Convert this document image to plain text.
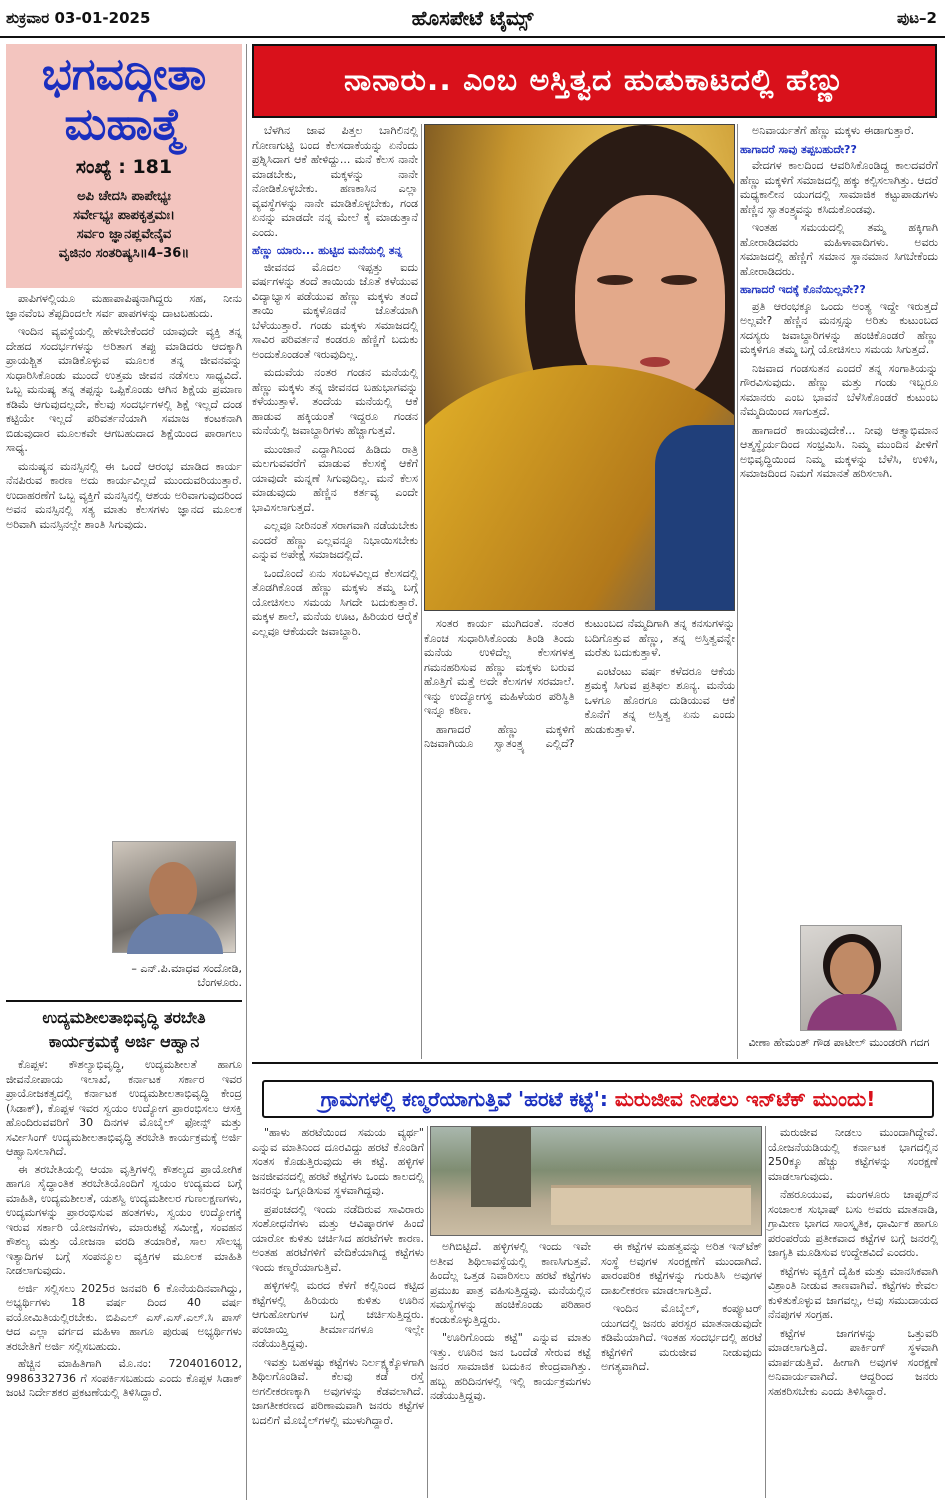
ಶುಕ್ರವಾರ 03-01-2025	ಹೊಸಪೇಟೆ ಟೈಮ್ಸ್	ಪುಟ–2
ಭಗವದ್ಗೀತಾ
ಮಹಾತ್ಮೆ
ಸಂಖ್ಯೆ : 181
ಅಪಿ ಚೇದಸಿ ಪಾಪೇಭ್ಯಃ
ಸರ್ವೇಭ್ಯಃ ಪಾಪಕೃತ್ತಮಃ।
ಸರ್ವಂ ಜ್ಞಾನಪ್ಲವೇನೈವ
ವೃಜಿನಂ ಸಂತರಿಷ್ಯಸಿ॥4–36॥

ಪಾಪಿಗಳಲ್ಲಿಯೂ ಮಹಾಪಾಪಿಷ್ಠನಾಗಿದ್ದರು ಸಹ, ನೀನು ಜ್ಞಾನವೆಂಬ ತೆಪ್ಪದಿಂದಲೇ ಸರ್ವ ಪಾಪಗಳನ್ನು ದಾಟಬಹುದು.

ಇಂದಿನ ವ್ಯವಸ್ಥೆಯಲ್ಲಿ ಹೇಳಬೇಕೆಂದರೆ ಯಾವುದೇ ವ್ಯಕ್ತಿ ತನ್ನ ದೇಹದ ಸಂದರ್ಭಗಳನ್ನು ಅರಿತಾಗ ತಪ್ಪು ಮಾಡಿದರು ಆದಕ್ಕಾಗಿ ಪ್ರಾಯಶ್ಚಿತ ಮಾಡಿಕೊಳ್ಳುವ ಮೂಲಕ ತನ್ನ ಜೀವನವನ್ನು ಸುಧಾರಿಸಿಕೊಂಡು ಮುಂದೆ ಉತ್ತಮ ಜೀವನ ನಡೆಸಲು ಸಾಧ್ಯವಿದೆ. ಒಬ್ಬ ಮನುಷ್ಯ ತನ್ನ ತಪ್ಪನ್ನು ಒಪ್ಪಿಕೊಂಡು ಆಗಿನ ಶಿಕ್ಷೆಯ ಪ್ರಮಾಣ ಕಡಿಮೆ ಆಗುವುದಲ್ಲದೇ, ಕೆಲವು ಸಂದರ್ಭಗಳಲ್ಲಿ ಶಿಕ್ಷೆ ಇಲ್ಲದೆ ದಂಡ ಕಟ್ಟಿಯೇ ಇಲ್ಲದೆ ಪರಿವರ್ತನೆಯಾಗಿ ಸಮಾಜ ಕಂಟಕನಾಗಿ ಬಿಡುವುದಾರ ಮೂಲಕವೇ ಆಗಬಹುದಾದ ಶಿಕ್ಷೆಯಿಂದ ಪಾರಾಗಲು ಸಾಧ್ಯ.

ಮನುಷ್ಯನ ಮನಸ್ಸಿನಲ್ಲಿ ಈ ಒಂದೆ ಆರಂಭ ಮಾಡಿದ ಕಾರ್ಯ ನೆನಪಿರುವ ಕಾರಣ ಅದು ಕಾರ್ಯವಿಲ್ಲದೆ ಮುಂದುವರಿಯುತ್ತಾರೆ. ಉದಾಹರಣೆಗೆ ಒಬ್ಬ ವ್ಯಕ್ತಿಗೆ ಮನಸ್ಸಿನಲ್ಲಿ ಆಶಯ ಅರಿವಾಗುವುದರಿಂದ ಅವನ ಮನಸ್ಸಿನಲ್ಲಿ ಸತ್ಯ ಮಾತು ಕೆಲಸಗಳು ಜ್ಞಾನದ ಮೂಲಕ ಅರಿವಾಗಿ ಮನಸ್ಸಿನಲ್ಲೇ ಶಾಂತಿ ಸಿಗುವುದು.

– ಎನ್.ಪಿ.ಮಾಧವ ಸಂದೋಡಿ,
ಬೆಂಗಳೂರು.
ಉದ್ಯಮಶೀಲತಾಭಿವೃದ್ಧಿ ತರಬೇತಿ
ಕಾರ್ಯಕ್ರಮಕ್ಕೆ ಅರ್ಜಿ ಆಹ್ವಾನ

ಕೊಪ್ಪಳ: ಕೌಶಲ್ಯಾಭಿವೃದ್ಧಿ, ಉದ್ಯಮಶೀಲತೆ ಹಾಗೂ ಜೀವನೋಪಾಯ ಇಲಾಖೆ, ಕರ್ನಾಟಕ ಸರ್ಕಾರ ಇವರ ಪ್ರಾಯೋಜಕತ್ವದಲ್ಲಿ ಕರ್ನಾಟಕ ಉದ್ಯಮಶೀಲತಾಭಿವೃದ್ಧಿ ಕೇಂದ್ರ (ಸಿಡಾಕ್), ಕೊಪ್ಪಳ ಇವರ ಸ್ವಯಂ ಉದ್ಯೋಗ ಪ್ರಾರಂಭಿಸಲು ಆಸಕ್ತಿ ಹೊಂದಿರುವವರಿಗೆ 30 ದಿನಗಳ ಮೊಬೈಲ್ ಫೋನ್ಸ್ ಮತ್ತು ಸರ್ವೀಸಿಂಗ್ ಉದ್ಯಮಶೀಲತಾಭಿವೃದ್ಧಿ ತರಬೇತಿ ಕಾರ್ಯಕ್ರಮಕ್ಕೆ ಅರ್ಜಿ ಆಹ್ವಾನಿಸಲಾಗಿದೆ.

ಈ ತರಬೇತಿಯಲ್ಲಿ ಆಯಾ ವೃತ್ತಿಗಳಲ್ಲಿ ಕೌಶಲ್ಯದ ಪ್ರಾಯೋಗಿಕ ಹಾಗೂ ಸೈದ್ಧಾಂತಿಕ ತರಬೇತಿಯೊಂದಿಗೆ ಸ್ವಯಂ ಉದ್ಯಮದ ಬಗ್ಗೆ ಮಾಹಿತಿ, ಉದ್ಯಮಶೀಲತೆ, ಯಶಸ್ವಿ ಉದ್ಯಮಶೀಲರ ಗುಣಲಕ್ಷಣಗಳು, ಉದ್ಯಮಗಳನ್ನು ಪ್ರಾರಂಭಿಸುವ ಹಂತಗಳು, ಸ್ವಯಂ ಉದ್ಯೋಗಕ್ಕೆ ಇರುವ ಸರ್ಕಾರಿ ಯೋಜನೆಗಳು, ಮಾರುಕಟ್ಟೆ ಸಮೀಕ್ಷೆ, ಸಂವಹನ ಕೌಶಲ್ಯ ಮತ್ತು ಯೋಜನಾ ವರದಿ ತಯಾರಿಕೆ, ಸಾಲ ಸೌಲಭ್ಯ ಇತ್ಯಾದಿಗಳ ಬಗ್ಗೆ ಸಂಪನ್ಮೂಲ ವ್ಯಕ್ತಿಗಳ ಮೂಲಕ ಮಾಹಿತಿ ನೀಡಲಾಗುವುದು.

ಅರ್ಜಿ ಸಲ್ಲಿಸಲು 2025ರ ಜನವರಿ 6 ಕೊನೆಯದಿನವಾಗಿದ್ದು, ಅಭ್ಯರ್ಥಿಗಳು 18 ವರ್ಷ ದಿಂದ 40 ವರ್ಷ ವಯೋಮಿತಿಯಲ್ಲಿರಬೇಕು. ಬಿಪಿಎಲ್ ಎಸ್.ಎಸ್.ಎಲ್.ಸಿ ಪಾಸ್ ಆದ ಎಲ್ಲಾ ವರ್ಗದ ಮಹಿಳಾ ಹಾಗೂ ಪುರುಷ ಅಭ್ಯರ್ಥಿಗಳು ತರಬೇತಿಗೆ ಅರ್ಜಿ ಸಲ್ಲಿಸಬಹುದು.

ಹೆಚ್ಚಿನ ಮಾಹಿತಿಗಾಗಿ ಮೊ.ನಂ: 7204016012, 9986332736 ಗೆ ಸಂಪರ್ಕಿಸಬಹುದು ಎಂದು ಕೊಪ್ಪಳ ಸಿಡಾಕ್ ಜಂಟಿ ನಿರ್ದೇಶಕರ ಪ್ರಕಟಣೆಯಲ್ಲಿ ತಿಳಿಸಿದ್ದಾರೆ.

ನಾನಾರು.. ಎಂಬ ಅಸ್ತಿತ್ವದ ಹುಡುಕಾಟದಲ್ಲಿ ಹೆಣ್ಣು

ಬೆಳಗಿನ ಜಾವ ಪಿತ್ತಲ ಬಾಗಿಲಿನಲ್ಲಿ ಗೋಣಗುಟ್ಟಿ ಬಂದ ಕೆಲಸದಾಕೆಯನ್ನು ಏನೆಂದು ಪ್ರಶ್ನಿಸಿದಾಗ ಆಕೆ ಹೇಳಿದ್ದು... ಮನೆ ಕೆಲಸ ನಾನೇ ಮಾಡಬೇಕು, ಮಕ್ಕಳನ್ನು ನಾನೇ ನೋಡಿಕೊಳ್ಳಬೇಕು. ಹಣಕಾಸಿನ ಎಲ್ಲಾ ವ್ಯವಸ್ಥೆಗಳನ್ನು ನಾನೇ ಮಾಡಿಕೊಳ್ಳಬೇಕು, ಗಂಡ ಏನನ್ನು ಮಾಡದೇ ನನ್ನ ಮೇಲೆ ಕೈ ಮಾಡುತ್ತಾನೆ ಎಂದು.

ಹೆಣ್ಣು ಯಾರು... ಹುಟ್ಟಿದ ಮನೆಯಲ್ಲಿ ತನ್ನ

ಜೀವನದ ಮೊದಲ ಇಪ್ಪತ್ತು ಐದು ವರ್ಷಗಳನ್ನು ತಂದೆ ತಾಯಿಯ ಜೊತೆ ಕಳೆಯುವ ವಿದ್ಯಾಭ್ಯಾಸ ಪಡೆಯುವ ಹೆಣ್ಣು ಮಕ್ಕಳು ತಂದೆ ತಾಯಿ ಮಕ್ಕಳೊಡನೆ ಜೊತೆಯಾಗಿ ಬೆಳೆಯುತ್ತಾರೆ. ಗಂಡು ಮಕ್ಕಳು ಸಮಾಜದಲ್ಲಿ ಸಾವಿರ ಪರಿವರ್ತನೆ ಕಂಡರೂ ಹೆಣ್ಣಿಗೆ ಬದುಕು ಅಂದುಕೊಂಡಂತೆ ಇರುವುದಿಲ್ಲ.

ಮದುವೆಯ ನಂತರ ಗಂಡನ ಮನೆಯಲ್ಲಿ ಹೆಣ್ಣು ಮಕ್ಕಳು ತನ್ನ ಜೀವನದ ಬಹುಭಾಗವನ್ನು ಕಳೆಯುತ್ತಾಳೆ. ತಂದೆಯ ಮನೆಯಲ್ಲಿ ಆಕೆ ಹಾಡುವ ಹಕ್ಕಿಯಂತೆ ಇದ್ದರೂ ಗಂಡನ ಮನೆಯಲ್ಲಿ ಜವಾಬ್ದಾರಿಗಳು ಹೆಚ್ಚಾಗುತ್ತವೆ.

ಮುಂಜಾನೆ ಎದ್ದಾಗಿನಿಂದ ಹಿಡಿದು ರಾತ್ರಿ ಮಲಗುವವರೆಗೆ ಮಾಡುವ ಕೆಲಸಕ್ಕೆ ಆಕೆಗೆ ಯಾವುದೇ ಮನ್ನಣೆ ಸಿಗುವುದಿಲ್ಲ. ಮನೆ ಕೆಲಸ ಮಾಡುವುದು ಹೆಣ್ಣಿನ ಕರ್ತವ್ಯ ಎಂದೇ ಭಾವಿಸಲಾಗುತ್ತದೆ.

ಎಲ್ಲವೂ ನೀರಿನಂತೆ ಸರಾಗವಾಗಿ ನಡೆಯಬೇಕು ಎಂದರೆ ಹೆಣ್ಣು ಎಲ್ಲವನ್ನೂ ನಿಭಾಯಿಸಬೇಕು ಎನ್ನುವ ಅಪೇಕ್ಷೆ ಸಮಾಜದಲ್ಲಿದೆ.

ಒಂದೊಂದೆ ಏನು ಸಂಬಳವಿಲ್ಲದ ಕೆಲಸದಲ್ಲಿ ತೊಡಗಿಕೊಂಡ ಹೆಣ್ಣು ಮಕ್ಕಳು ತಮ್ಮ ಬಗ್ಗೆ ಯೋಚಿಸಲು ಸಮಯ ಸಿಗದೇ ಬದುಕುತ್ತಾರೆ. ಮಕ್ಕಳ ಶಾಲೆ, ಮನೆಯ ಊಟ, ಹಿರಿಯರ ಆರೈಕೆ ಎಲ್ಲವೂ ಆಕೆಯದೇ ಜವಾಬ್ದಾರಿ.

ಸಂತರ ಕಾರ್ಯ ಮುಗಿದಂತೆ. ನಂತರ ಕೊಂಚ ಸುಧಾರಿಸಿಕೊಂಡು ತಿಂಡಿ ತಿಂದು ಮನೆಯ ಉಳಿದೆಲ್ಲ ಕೆಲಸಗಳತ್ತ ಗಮನಹರಿಸುವ ಹೆಣ್ಣು ಮಕ್ಕಳು ಬರುವ ಹೊತ್ತಿಗೆ ಮತ್ತೆ ಅದೇ ಕೆಲಸಗಳ ಸರಮಾಲೆ. ಇನ್ನು ಉದ್ಯೋಗಸ್ಥ ಮಹಿಳೆಯರ ಪರಿಸ್ಥಿತಿ ಇನ್ನೂ ಕಠಿಣ.

ಹಾಗಾದರೆ ಹೆಣ್ಣು ಮಕ್ಕಳಿಗೆ ನಿಜವಾಗಿಯೂ ಸ್ವಾತಂತ್ರ್ಯ ಎಲ್ಲಿದೆ? ಕುಟುಂಬದ ನೆಮ್ಮದಿಗಾಗಿ ತನ್ನ ಕನಸುಗಳನ್ನು ಬದಿಗೊತ್ತುವ ಹೆಣ್ಣು, ತನ್ನ ಅಸ್ತಿತ್ವವನ್ನೇ ಮರೆತು ಬದುಕುತ್ತಾಳೆ.

ಎಂಟೆಂಟು ವರ್ಷ ಕಳೆದರೂ ಆಕೆಯ ಶ್ರಮಕ್ಕೆ ಸಿಗುವ ಪ್ರತಿಫಲ ಶೂನ್ಯ. ಮನೆಯ ಒಳಗೂ ಹೊರಗೂ ದುಡಿಯುವ ಆಕೆ ಕೊನೆಗೆ ತನ್ನ ಅಸ್ತಿತ್ವ ಏನು ಎಂದು ಹುಡುಕುತ್ತಾಳೆ.

ಅನಿವಾರ್ಯತೆಗೆ ಹೆಣ್ಣು ಮಕ್ಕಳು ಈಡಾಗುತ್ತಾರೆ.

ಹಾಗಾದರೆ ಸಾವು ತಪ್ಪಬಹುದೇ??

ವೇದಗಳ ಕಾಲದಿಂದ ಆವರಿಸಿಕೊಂಡಿದ್ದ ಕಾಲದವರೆಗೆ ಹೆಣ್ಣು ಮಕ್ಕಳಿಗೆ ಸಮಾಜದಲ್ಲಿ ಹಕ್ಕು ಕಲ್ಪಿಸಲಾಗಿತ್ತು. ಆದರೆ ಮಧ್ಯಕಾಲೀನ ಯುಗದಲ್ಲಿ ಸಾಮಾಜಿಕ ಕಟ್ಟುಪಾಡುಗಳು ಹೆಣ್ಣಿನ ಸ್ವಾತಂತ್ರ್ಯವನ್ನು ಕಸಿದುಕೊಂಡವು.

ಇಂತಹ ಸಮಯದಲ್ಲಿ ತಮ್ಮ ಹಕ್ಕಿಗಾಗಿ ಹೋರಾಡಿದವರು ಮಹಿಳಾವಾದಿಗಳು. ಅವರು ಸಮಾಜದಲ್ಲಿ ಹೆಣ್ಣಿಗೆ ಸಮಾನ ಸ್ಥಾನಮಾನ ಸಿಗಬೇಕೆಂದು ಹೋರಾಡಿದರು.

ಹಾಗಾದರೆ ಇದಕ್ಕೆ ಕೊನೆಯಿಲ್ಲವೇ??

ಪ್ರತಿ ಆರಂಭಕ್ಕೂ ಒಂದು ಅಂತ್ಯ ಇದ್ದೇ ಇರುತ್ತದೆ ಅಲ್ಲವೇ? ಹೆಣ್ಣಿನ ಮನಸ್ಸನ್ನು ಅರಿತು ಕುಟುಂಬದ ಸದಸ್ಯರು ಜವಾಬ್ದಾರಿಗಳನ್ನು ಹಂಚಿಕೊಂಡರೆ ಹೆಣ್ಣು ಮಕ್ಕಳಿಗೂ ತಮ್ಮ ಬಗ್ಗೆ ಯೋಚಿಸಲು ಸಮಯ ಸಿಗುತ್ತದೆ.

ನಿಜವಾದ ಗಂಡಸುತನ ಎಂದರೆ ತನ್ನ ಸಂಗಾತಿಯನ್ನು ಗೌರವಿಸುವುದು. ಹೆಣ್ಣು ಮತ್ತು ಗಂಡು ಇಬ್ಬರೂ ಸಮಾನರು ಎಂಬ ಭಾವನೆ ಬೆಳೆಸಿಕೊಂಡರೆ ಕುಟುಂಬ ನೆಮ್ಮದಿಯಿಂದ ಸಾಗುತ್ತದೆ.

ಹಾಗಾದರೆ ಕಾಯುವುದೇಕೆ... ನೀವು ಆತ್ಮಾಭಿಮಾನ ಆತ್ಮಸ್ಥೈರ್ಯದಿಂದ ಸಂಭ್ರಮಿಸಿ. ನಿಮ್ಮ ಮುಂದಿನ ಪೀಳಿಗೆ ಅಭಿವೃದ್ಧಿಯಿಂದ ನಿಮ್ಮ ಮಕ್ಕಳನ್ನು ಬೆಳೆಸಿ, ಉಳಿಸಿ, ಸಮಾಜದಿಂದ ನಿಮಗೆ ಸಮಾನತೆ ಹರಿಸಲಾಗಿ.

ವೀಣಾ ಹೇಮಂತ್ ಗೌಡ ಪಾಟೀಲ್ ಮುಂಡರಗಿ ಗದಗ
ಗ್ರಾಮಗಳಲ್ಲಿ ಕಣ್ಮರೆಯಾಗುತ್ತಿವೆ 'ಹರಟೆ ಕಟ್ಟೆ': ಮರುಜೀವ ನೀಡಲು ಇನ್‌ಟೆಕ್ ಮುಂದು!

"ಹಾಳು ಹರಟೆಯಿಂದ ಸಮಯ ವ್ಯರ್ಥ" ಎನ್ನುವ ಮಾತಿನಿಂದ ದೂರವಿದ್ದು ಹರಟೆ ಕೊಂಡಿಗೆ ಸಂತಸ ಕೊಡುತ್ತಿರುವುದು ಈ ಕಟ್ಟೆ. ಹಳ್ಳಿಗಳ ಜನಜೀವನದಲ್ಲಿ ಹರಟೆ ಕಟ್ಟೆಗಳು ಒಂದು ಕಾಲದಲ್ಲಿ ಜನರನ್ನು ಒಗ್ಗೂಡಿಸುವ ಸ್ಥಳವಾಗಿದ್ದವು.

ಪ್ರಪಂಚದಲ್ಲಿ ಇಂದು ನಡೆದಿರುವ ಸಾವಿರಾರು ಸಂಶೋಧನೆಗಳು ಮತ್ತು ಆವಿಷ್ಕಾರಗಳ ಹಿಂದೆ ಯಾರೋ ಕುಳಿತು ಚರ್ಚಿಸಿದ ಹರಟೆಗಳೇ ಕಾರಣ. ಅಂತಹ ಹರಟೆಗಳಿಗೆ ವೇದಿಕೆಯಾಗಿದ್ದ ಕಟ್ಟೆಗಳು ಇಂದು ಕಣ್ಮರೆಯಾಗುತ್ತಿವೆ.

ಹಳ್ಳಿಗಳಲ್ಲಿ ಮರದ ಕೆಳಗೆ ಕಲ್ಲಿನಿಂದ ಕಟ್ಟಿದ ಕಟ್ಟೆಗಳಲ್ಲಿ ಹಿರಿಯರು ಕುಳಿತು ಊರಿನ ಆಗುಹೋಗುಗಳ ಬಗ್ಗೆ ಚರ್ಚಿಸುತ್ತಿದ್ದರು. ಪಂಚಾಯ್ತಿ ತೀರ್ಮಾನಗಳೂ ಇಲ್ಲೇ ನಡೆಯುತ್ತಿದ್ದವು.

ಇವತ್ತು ಬಹಳಷ್ಟು ಕಟ್ಟೆಗಳು ನಿರ್ಲಕ್ಷ್ಯಕ್ಕೊಳಗಾಗಿ ಶಿಥಿಲಗೊಂಡಿವೆ. ಕೆಲವು ಕಡೆ ರಸ್ತೆ ಅಗಲೀಕರಣಕ್ಕಾಗಿ ಅವುಗಳನ್ನು ಕೆಡವಲಾಗಿದೆ. ಜಾಗತೀಕರಣದ ಪರಿಣಾಮವಾಗಿ ಜನರು ಕಟ್ಟೆಗಳ ಬದಲಿಗೆ ಮೊಬೈಲ್‌ಗಳಲ್ಲಿ ಮುಳುಗಿದ್ದಾರೆ.

ಅಗಿಬಿಟ್ಟಿದೆ. ಹಳ್ಳಿಗಳಲ್ಲಿ ಇಂದು ಇವೇ ಅತೀವ ಶಿಥಿಲಾವಸ್ಥೆಯಲ್ಲಿ ಕಾಣಸಿಗುತ್ತವೆ. ಹಿಂದೆಲ್ಲ ಒತ್ತಡ ನಿವಾರಿಸಲು ಹರಟೆ ಕಟ್ಟೆಗಳು ಪ್ರಮುಖ ಪಾತ್ರ ವಹಿಸುತ್ತಿದ್ದವು. ಮನೆಯಲ್ಲಿನ ಸಮಸ್ಯೆಗಳನ್ನು ಹಂಚಿಕೊಂಡು ಪರಿಹಾರ ಕಂಡುಕೊಳ್ಳುತ್ತಿದ್ದರು.

"ಊರಿಗೊಂದು ಕಟ್ಟೆ" ಎನ್ನುವ ಮಾತು ಇತ್ತು. ಊರಿನ ಜನ ಒಂದೆಡೆ ಸೇರುವ ಕಟ್ಟೆ ಜನರ ಸಾಮಾಜಿಕ ಬದುಕಿನ ಕೇಂದ್ರವಾಗಿತ್ತು. ಹಬ್ಬ ಹರಿದಿನಗಳಲ್ಲಿ ಇಲ್ಲಿ ಕಾರ್ಯಕ್ರಮಗಳು ನಡೆಯುತ್ತಿದ್ದವು.

ಈ ಕಟ್ಟೆಗಳ ಮಹತ್ವವನ್ನು ಅರಿತ ಇನ್‌ಟೆಕ್ ಸಂಸ್ಥೆ ಅವುಗಳ ಸಂರಕ್ಷಣೆಗೆ ಮುಂದಾಗಿದೆ. ಪಾರಂಪರಿಕ ಕಟ್ಟೆಗಳನ್ನು ಗುರುತಿಸಿ ಅವುಗಳ ದಾಖಲೀಕರಣ ಮಾಡಲಾಗುತ್ತಿದೆ.

ಇಂದಿನ ಮೊಬೈಲ್, ಕಂಪ್ಯೂಟರ್ ಯುಗದಲ್ಲಿ ಜನರು ಪರಸ್ಪರ ಮಾತನಾಡುವುದೇ ಕಡಿಮೆಯಾಗಿದೆ. ಇಂತಹ ಸಂದರ್ಭದಲ್ಲಿ ಹರಟೆ ಕಟ್ಟೆಗಳಿಗೆ ಮರುಜೀವ ನೀಡುವುದು ಅಗತ್ಯವಾಗಿದೆ.

ಮರುಜೀವ ನೀಡಲು ಮುಂದಾಗಿದ್ದೇವೆ. ಯೋಜನೆಯಡಿಯಲ್ಲಿ ಕರ್ನಾಟಕ ಭಾಗದಲ್ಲಿನ 250ಕ್ಕೂ ಹೆಚ್ಚು ಕಟ್ಟೆಗಳನ್ನು ಸಂರಕ್ಷಣೆ ಮಾಡಲಾಗುವುದು.

ನೆಹರೂಯುವ, ಮಂಗಳೂರು ಚಾಪ್ಟರ್‌ನ ಸಂಚಾಲಕ ಸುಭಾಷ್ ಬಸು ಅವರು ಮಾತನಾಡಿ, ಗ್ರಾಮೀಣ ಭಾಗದ ಸಾಂಸ್ಕೃತಿಕ, ಧಾರ್ಮಿಕ ಹಾಗೂ ಪರಂಪರೆಯ ಪ್ರತೀಕವಾದ ಕಟ್ಟೆಗಳ ಬಗ್ಗೆ ಜನರಲ್ಲಿ ಜಾಗೃತಿ ಮೂಡಿಸುವ ಉದ್ದೇಶವಿದೆ ಎಂದರು.

ಕಟ್ಟೆಗಳು ವ್ಯಕ್ತಿಗೆ ದೈಹಿಕ ಮತ್ತು ಮಾನಸಿಕವಾಗಿ ವಿಶ್ರಾಂತಿ ನೀಡುವ ತಾಣವಾಗಿವೆ. ಕಟ್ಟೆಗಳು ಕೇವಲ ಕುಳಿತುಕೊಳ್ಳುವ ಜಾಗವಲ್ಲ, ಅವು ಸಮುದಾಯದ ನೆನಪುಗಳ ಸಂಗ್ರಹ.

ಕಟ್ಟೆಗಳ ಜಾಗಗಳನ್ನು ಒತ್ತುವರಿ ಮಾಡಲಾಗುತ್ತಿದೆ. ಪಾರ್ಕಿಂಗ್ ಸ್ಥಳವಾಗಿ ಮಾರ್ಪಡುತ್ತಿವೆ. ಹೀಗಾಗಿ ಅವುಗಳ ಸಂರಕ್ಷಣೆ ಅನಿವಾರ್ಯವಾಗಿದೆ. ಆದ್ದರಿಂದ ಜನರು ಸಹಕರಿಸಬೇಕು ಎಂದು ತಿಳಿಸಿದ್ದಾರೆ.
